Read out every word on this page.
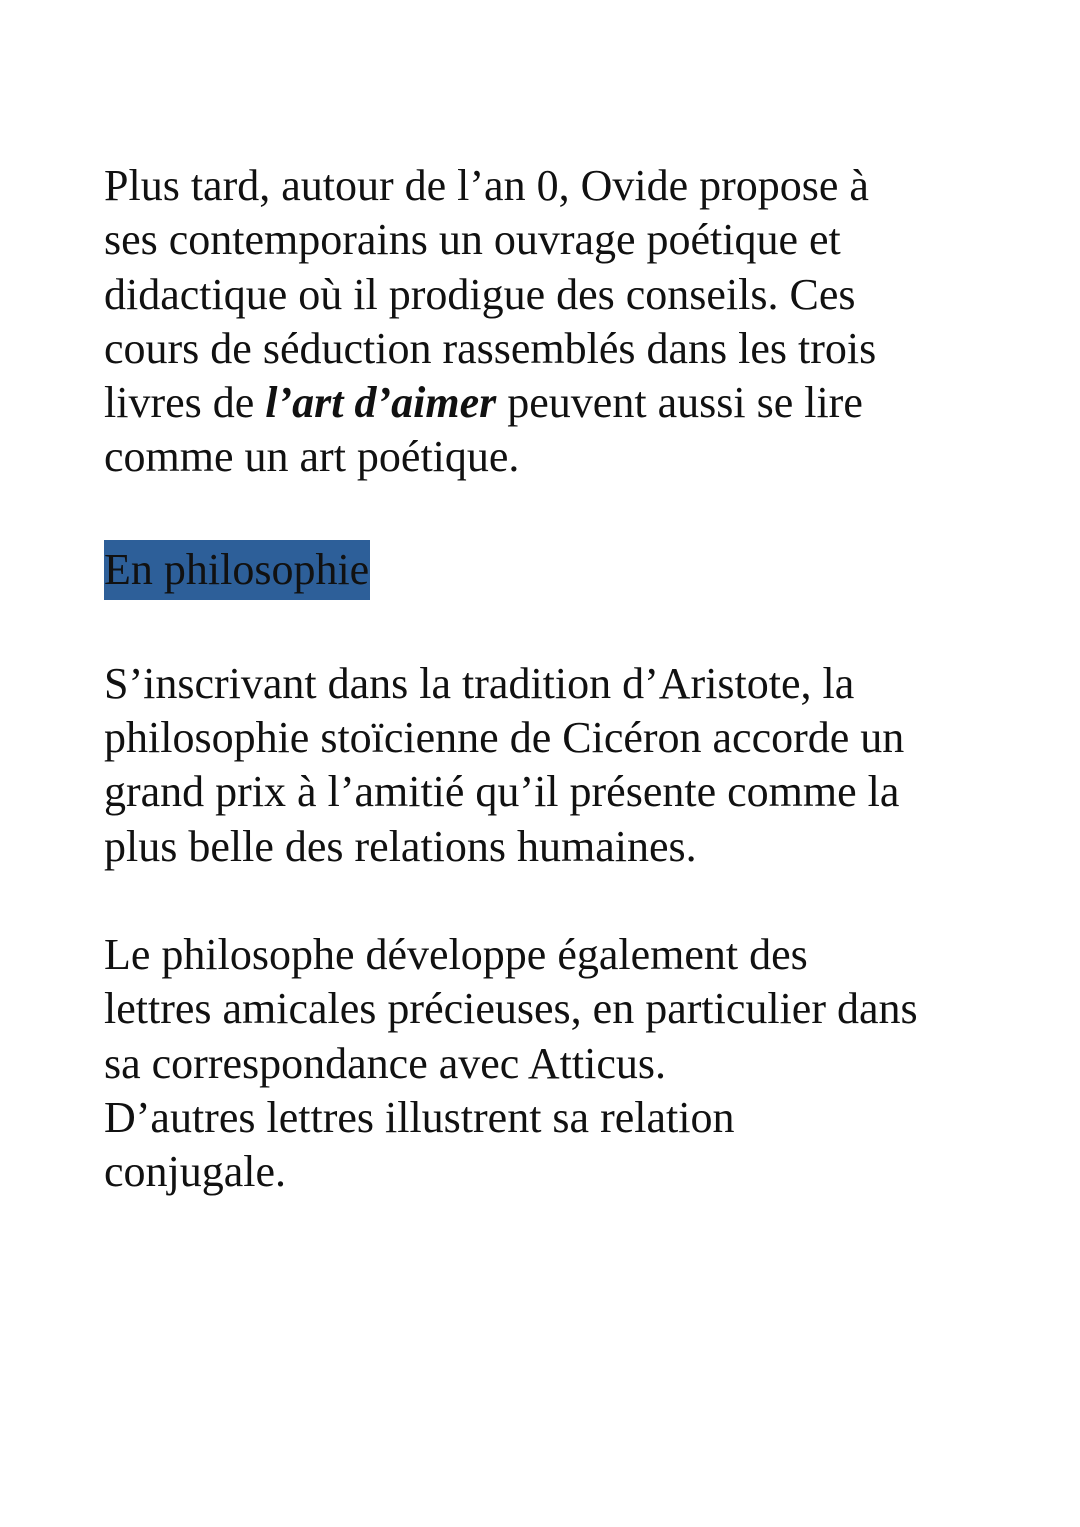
Plus tard, autour de l’an 0, Ovide propose à
ses contemporains un ouvrage poétique et
didactique où il prodigue des conseils. Ces
cours de séduction rassemblés dans les trois
livres de l’art d’aimer peuvent aussi se lire
comme un art poétique.

En philosophie

S’inscrivant dans la tradition d’Aristote, la
philosophie stoïcienne de Cicéron accorde un
grand prix à l’amitié qu’il présente comme la
plus belle des relations humaines.

Le philosophe développe également des
lettres amicales précieuses, en particulier dans
sa correspondance avec Atticus.
D’autres lettres illustrent sa relation
conjugale.
